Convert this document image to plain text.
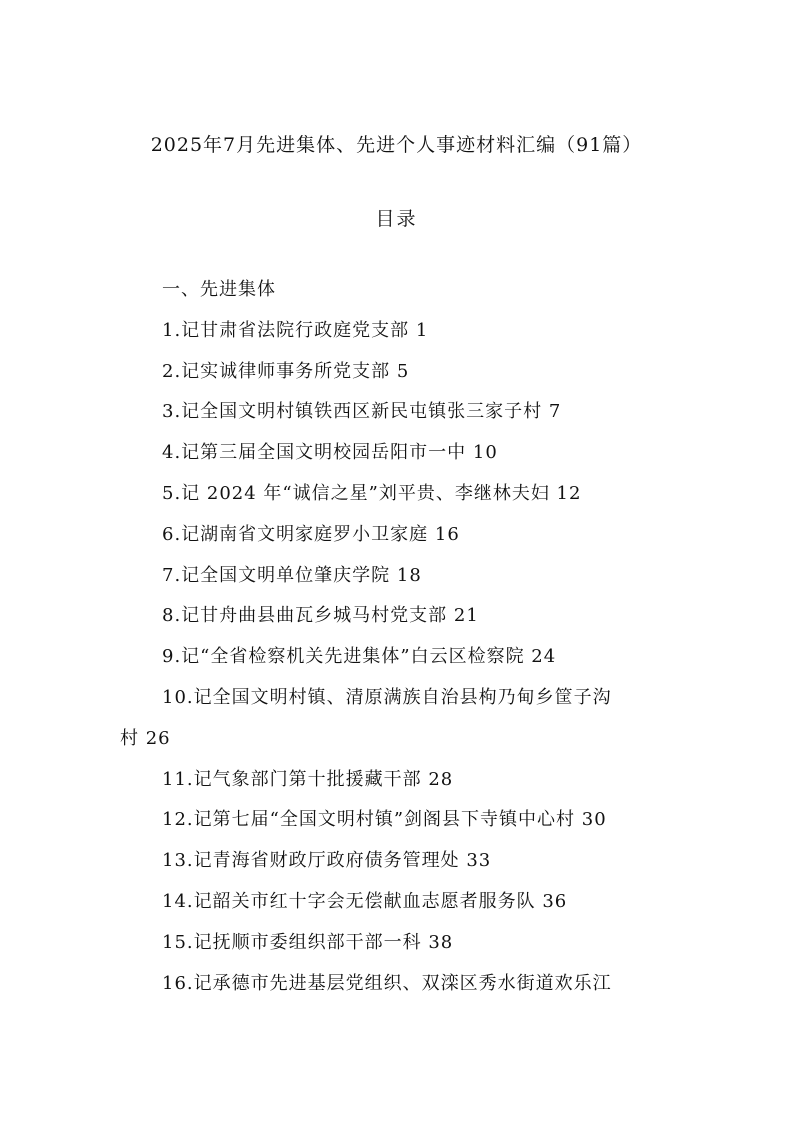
2025年7月先进集体、先进个人事迹材料汇编（91篇）
目录
一、先进集体
1.记甘肃省法院行政庭党支部 1
2.记实诚律师事务所党支部 5
3.记全国文明村镇铁西区新民屯镇张三家子村 7
4.记第三届全国文明校园岳阳市一中 10
5.记 2024 年“诚信之星”刘平贵、李继林夫妇 12
6.记湖南省文明家庭罗小卫家庭 16
7.记全国文明单位肇庆学院 18
8.记甘舟曲县曲瓦乡城马村党支部 21
9.记“全省检察机关先进集体”白云区检察院 24
10.记全国文明村镇、清原满族自治县枸乃甸乡筐子沟
村 26
11.记气象部门第十批援藏干部 28
12.记第七届“全国文明村镇”剑阁县下寺镇中心村 30
13.记青海省财政厅政府债务管理处 33
14.记韶关市红十字会无偿献血志愿者服务队 36
15.记抚顺市委组织部干部一科 38
16.记承德市先进基层党组织、双滦区秀水街道欢乐江
